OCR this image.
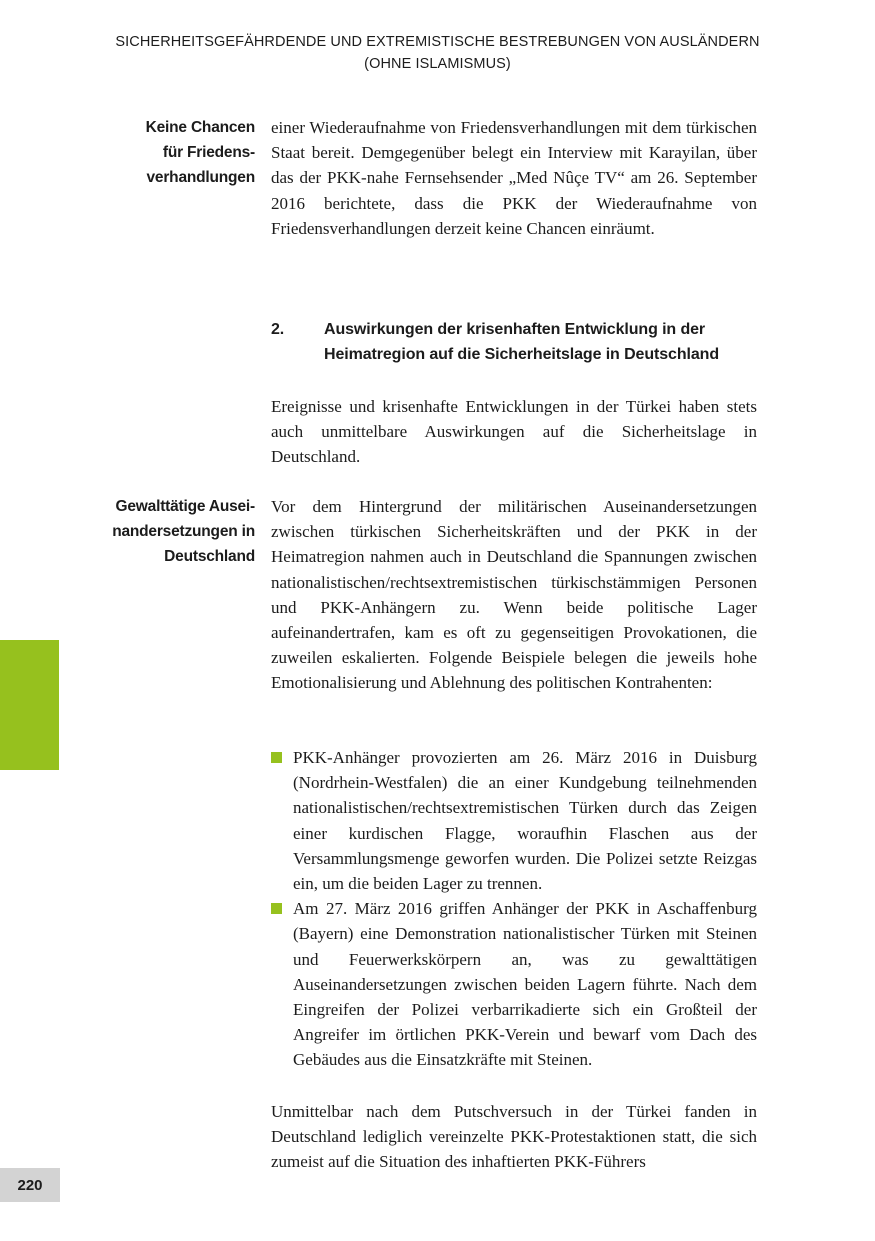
SICHERHEITSGEFÄHRDENDE UND EXTREMISTISCHE BESTREBUNGEN VON AUSLÄNDERN
(OHNE ISLAMISMUS)
Keine Chancen
für Friedens-
verhandlungen

einer Wiederaufnahme von Friedensverhandlungen mit dem türkischen Staat bereit. Demgegenüber belegt ein Interview mit Karayilan, über das der PKK-nahe Fernsehsender „Med Nûçe TV“ am 26. September 2016 berichtete, dass die PKK der Wiederaufnahme von Friedensverhandlungen derzeit keine Chancen einräumt.

2.	Auswirkungen der krisenhaften Entwicklung in der Heimatregion auf die Sicherheitslage in Deutschland

Ereignisse und krisenhafte Entwicklungen in der Türkei haben stets auch unmittelbare Auswirkungen auf die Sicherheitslage in Deutschland.

Gewalttätige Ausei-
nandersetzungen in
Deutschland

Vor dem Hintergrund der militärischen Auseinandersetzungen zwischen türkischen Sicherheitskräften und der PKK in der Heimatregion nahmen auch in Deutschland die Spannungen zwischen nationalistischen/rechtsextremistischen türkischstämmigen Personen und PKK-Anhängern zu. Wenn beide politische Lager aufeinandertrafen, kam es oft zu gegenseitigen Provokationen, die zuweilen eskalierten. Folgende Beispiele belegen die jeweils hohe Emotionalisierung und Ablehnung des politischen Kontrahenten:

PKK-Anhänger provozierten am 26. März 2016 in Duisburg (Nordrhein-Westfalen) die an einer Kundgebung teilnehmenden nationalistischen/rechtsextremistischen Türken durch das Zeigen einer kurdischen Flagge, woraufhin Flaschen aus der Versammlungsmenge geworfen wurden. Die Polizei setzte Reizgas ein, um die beiden Lager zu trennen.
Am 27. März 2016 griffen Anhänger der PKK in Aschaffenburg (Bayern) eine Demonstration nationalistischer Türken mit Steinen und Feuerwerkskörpern an, was zu gewalttätigen Auseinandersetzungen zwischen beiden Lagern führte. Nach dem Eingreifen der Polizei verbarrikadierte sich ein Großteil der Angreifer im örtlichen PKK-Verein und bewarf vom Dach des Gebäudes aus die Einsatzkräfte mit Steinen.

Unmittelbar nach dem Putschversuch in der Türkei fanden in Deutschland lediglich vereinzelte PKK-Protestaktionen statt, die sich zumeist auf die Situation des inhaftierten PKK-Führers

220
